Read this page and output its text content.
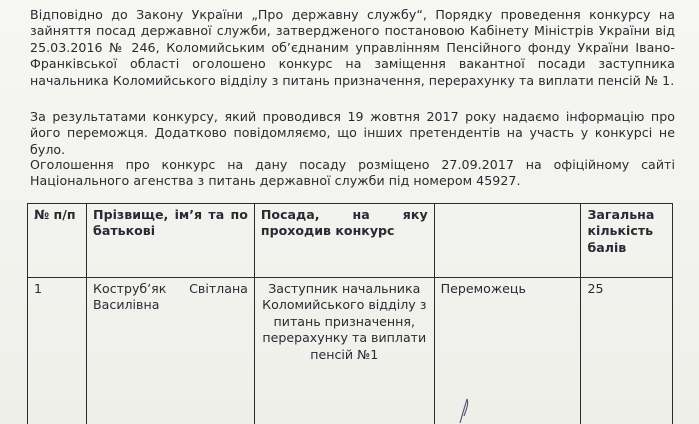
Відповідно до Закону України „Про державну службу“, Порядку проведення конкурсу на зайняття посад державної служби, затвердженого постановою Кабінету Міністрів України від 25.03.2016 № 246, Коломийським об’єднаним управлінням Пенсійного фонду України Івано-Франківської області оголошено конкурс на заміщення вакантної посади заступника начальника Коломийського відділу з питань призначення, перерахунку та виплати пенсій № 1.

За результатами конкурсу, який проводився 19 жовтня 2017 року надаємо інформацію про його переможця. Додатково повідомляємо, що інших претендентів на участь у конкурсі не було.

Оголошення про конкурс на дану посаду розміщено 27.09.2017 на офіційному сайті Національного агенства з питань державної служби під номером 45927.

№ п/п	Прізвище, ім’я та по батькові	Посада, на яку проходив конкурс		Загальна кількість балів
1	Кострубʼяк Світлана Василівна	Заступник начальника Коломийського відділу з питань призначення, перерахунку та виплати пенсій №1	Переможець	25
